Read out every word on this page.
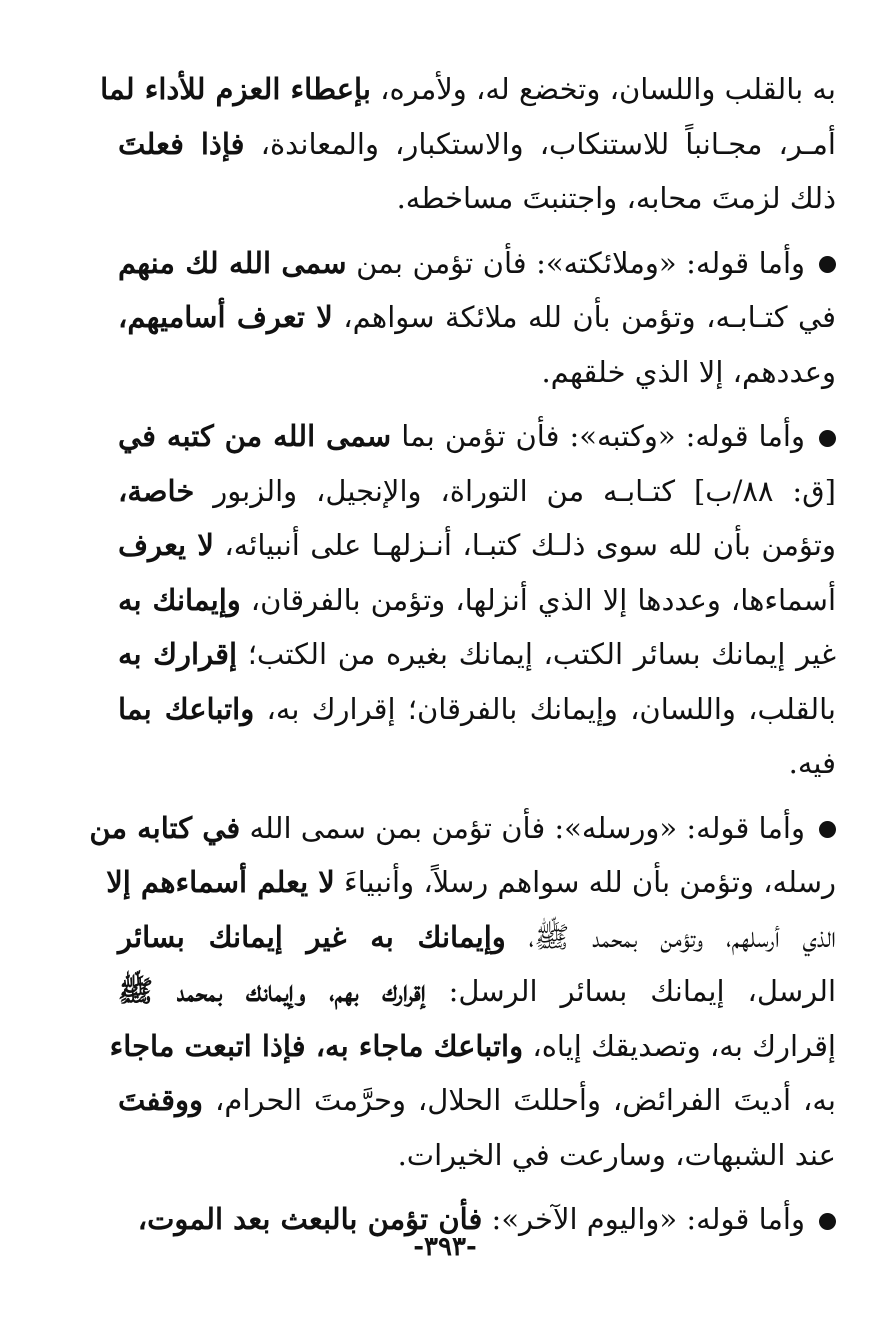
به بالقلب واللسان، وتخضع له، ولأمره، بإعطاء العزم للأداء لما
أمـر، مجـانباً للاستنكاب، والاستكبار، والمعاندة، فإذا فعلتَ
ذلك لزمتَ محابه، واجتنبتَ مساخطه.
وأما قوله: «وملائكته»: فأن تؤمن بمن سمى الله لك منهم
في كتـابـه، وتؤمن بأن لله ملائكة سواهم، لا تعرف أساميهم،
وعددهم، إلا الذي خلقهم.
وأما قوله: «وكتبه»: فأن تؤمن بما سمى الله من كتبه في
[ق: ٨٨/ب] كتـابـه من التوراة، والإنجيل، والزبور خاصة،
وتؤمن بأن لله سوى ذلـك كتبـا، أنـزلهـا على أنبيائه، لا يعرف
أسماءها، وعددها إلا الذي أنزلها، وتؤمن بالفرقان، وإيمانك به
غير إيمانك بسائر الكتب، إيمانك بغيره من الكتب؛ إقرارك به
بالقلب، واللسان، وإيمانك بالفرقان؛ إقرارك به، واتباعك بما
فيه.
وأما قوله: «ورسله»: فأن تؤمن بمن سمى الله في كتابه من
رسله، وتؤمن بأن لله سواهم رسلاً، وأنبياءَ لا يعلم أسماءهم إلا
الذي أرسلهم، وتؤمن بمحمد ﷺ، وإيمانك به غير إيمانك بسائر
الرسل، إيمانك بسائر الرسل: إقرارك بهم، وإيمانك بمحمد ﷺ
إقرارك به، وتصديقك إياه، واتباعك ماجاء به، فإذا اتبعت ماجاء
به، أديتَ الفرائض، وأحللتَ الحلال، وحرَّمتَ الحرام، ووقفتَ
عند الشبهات، وسارعت في الخيرات.
وأما قوله: «واليوم الآخر»: فأن تؤمن بالبعث بعد الموت،
-٣٩٣-
